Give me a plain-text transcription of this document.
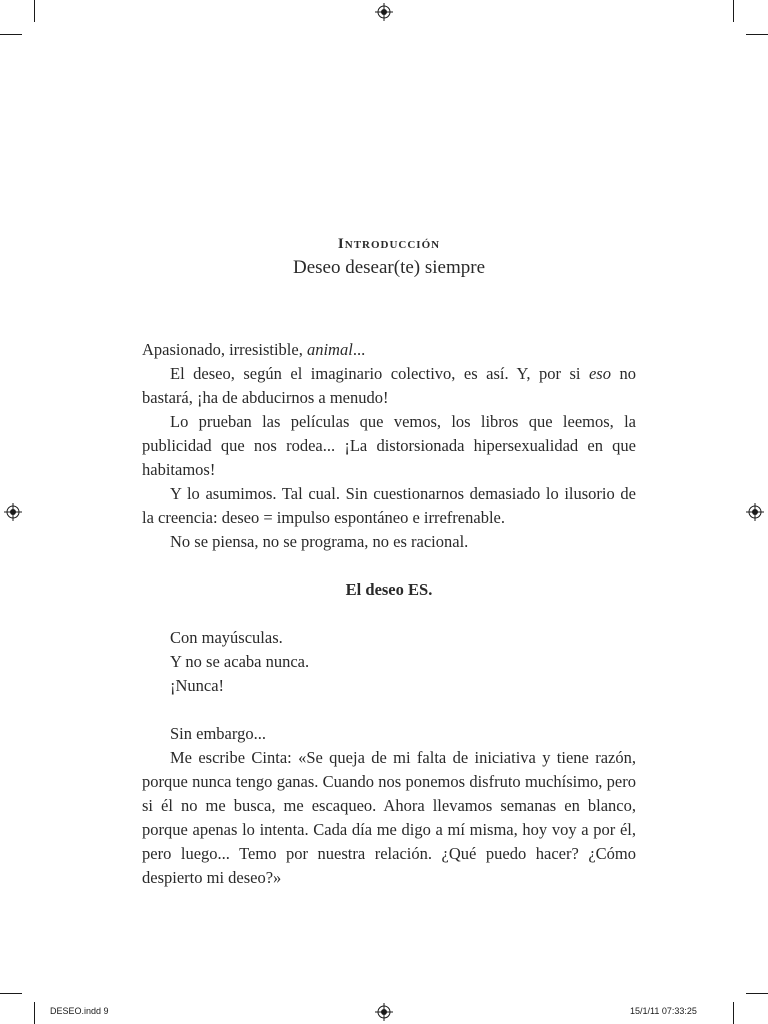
Introducción
Deseo desear(te) siempre

Apasionado, irresistible, animal...

El deseo, según el imaginario colectivo, es así. Y, por si eso no bastará, ¡ha de abducirnos a menudo!

Lo prueban las películas que vemos, los libros que leemos, la publicidad que nos rodea... ¡La distorsionada hipersexualidad en que habitamos!

Y lo asumimos. Tal cual. Sin cuestionarnos demasiado lo ilusorio de la creencia: deseo = impulso espontáneo e irrefrenable.

No se piensa, no se programa, no es racional.

El deseo ES.

Con mayúsculas.

Y no se acaba nunca.

¡Nunca!

Sin embargo...

Me escribe Cinta: «Se queja de mi falta de iniciativa y tiene razón, porque nunca tengo ganas. Cuando nos ponemos disfruto muchísimo, pero si él no me busca, me escaqueo. Ahora llevamos semanas en blanco, porque apenas lo intenta. Cada día me digo a mí misma, hoy voy a por él, pero luego... Temo por nuestra relación. ¿Qué puedo hacer? ¿Cómo despierto mi deseo?»

DESEO.indd 9	15/1/11 07:33:25
